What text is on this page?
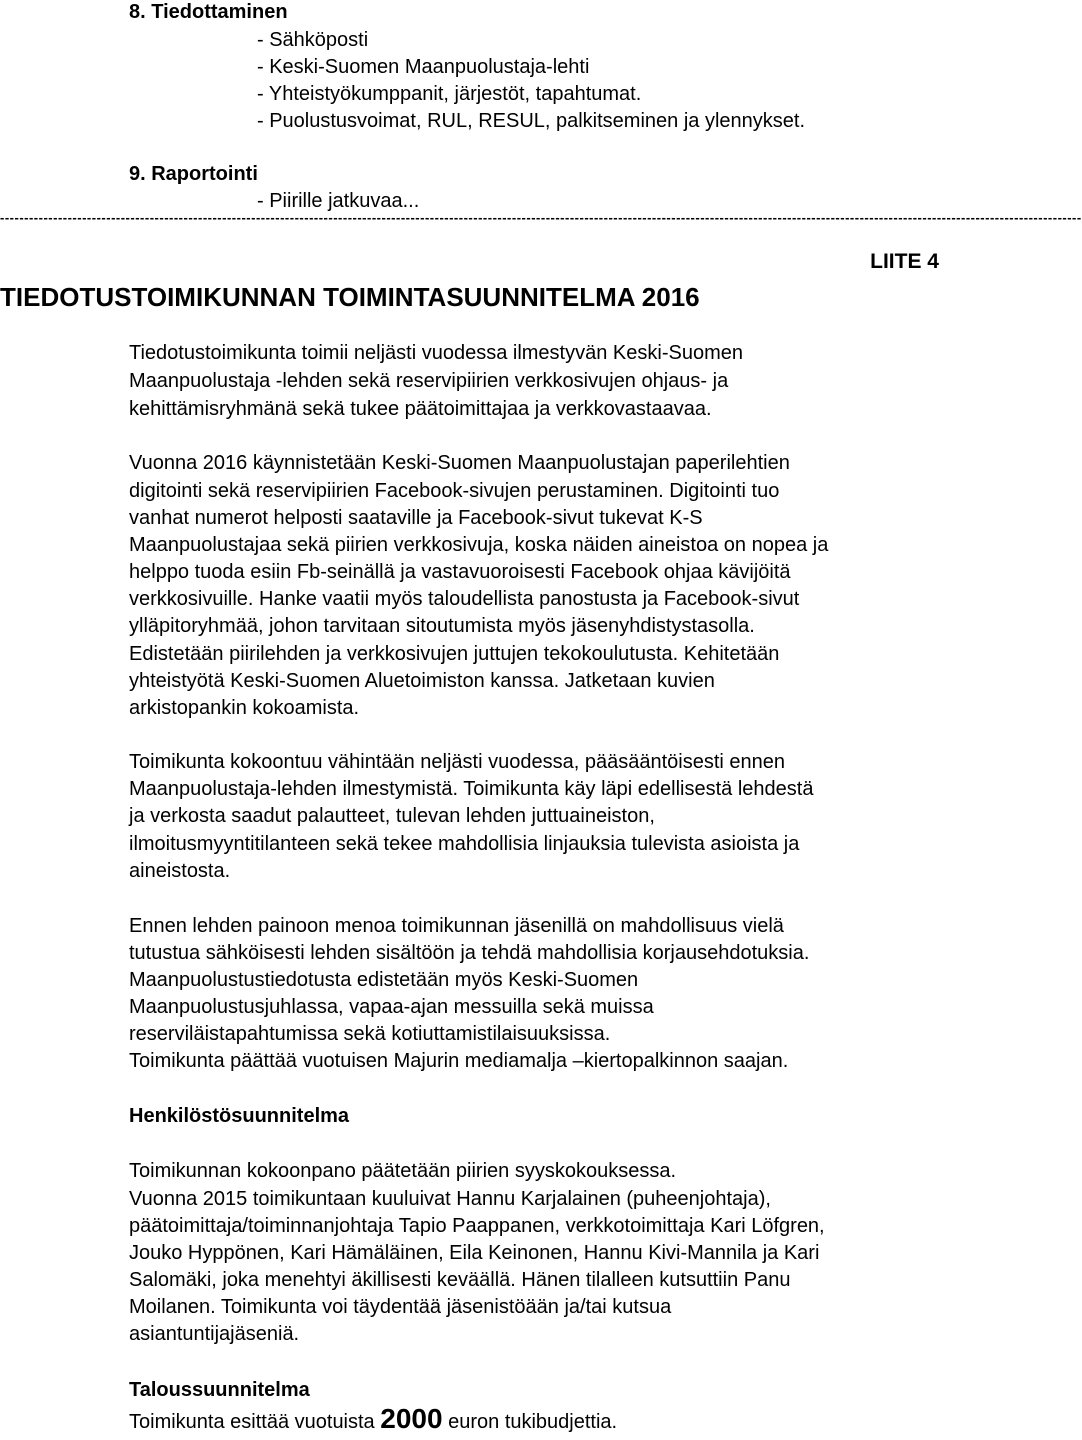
8. Tiedottaminen
- Sähköposti
- Keski-Suomen Maanpuolustaja-lehti
- Yhteistyökumppanit, järjestöt, tapahtumat.
- Puolustusvoimat, RUL, RESUL, palkitseminen ja ylennykset.
9. Raportointi
- Piirille jatkuvaa...
--------------------------------------------------------------------------------------------------------------------------------------------------------------------------------------------------------------------------------
LIITE 4
TIEDOTUSTOIMIKUNNAN TOIMINTASUUNNITELMA 2016
Tiedotustoimikunta toimii neljästi vuodessa ilmestyvän Keski-Suomen
Maanpuolustaja -lehden sekä reservipiirien verkkosivujen ohjaus- ja
kehittämisryhmänä sekä tukee päätoimittajaa ja verkkovastaavaa.
Vuonna 2016 käynnistetään Keski-Suomen Maanpuolustajan paperilehtien
digitointi sekä reservipiirien Facebook-sivujen perustaminen. Digitointi tuo
vanhat numerot helposti saataville ja Facebook-sivut tukevat K-S
Maanpuolustajaa sekä piirien verkkosivuja, koska näiden aineistoa on nopea ja
helppo tuoda esiin Fb-seinällä ja vastavuoroisesti Facebook ohjaa kävijöitä
verkkosivuille. Hanke vaatii myös taloudellista panostusta ja Facebook-sivut
ylläpitoryhmää, johon tarvitaan sitoutumista myös jäsenyhdistystasolla.
Edistetään piirilehden ja verkkosivujen juttujen tekokoulutusta. Kehitetään
yhteistyötä Keski-Suomen Aluetoimiston kanssa. Jatketaan kuvien
arkistopankin kokoamista.
Toimikunta kokoontuu vähintään neljästi vuodessa, pääsääntöisesti ennen
Maanpuolustaja-lehden ilmestymistä. Toimikunta käy läpi edellisestä lehdestä
ja verkosta saadut palautteet, tulevan lehden juttuaineiston,
ilmoitusmyyntitilanteen sekä tekee mahdollisia linjauksia tulevista asioista ja
aineistosta.
Ennen lehden painoon menoa toimikunnan jäsenillä on mahdollisuus vielä
tutustua sähköisesti lehden sisältöön ja tehdä mahdollisia korjausehdotuksia.
Maanpuolustustiedotusta edistetään myös Keski-Suomen
Maanpuolustusjuhlassa, vapaa-ajan messuilla sekä muissa
reserviläistapahtumissa sekä kotiuttamistilaisuuksissa.
Toimikunta päättää vuotuisen Majurin mediamalja –kiertopalkinnon saajan.
Henkilöstösuunnitelma
Toimikunnan kokoonpano päätetään piirien syyskokouksessa.
Vuonna 2015 toimikuntaan kuuluivat Hannu Karjalainen (puheenjohtaja),
päätoimittaja/toiminnanjohtaja Tapio Paappanen, verkkotoimittaja Kari Löfgren,
Jouko Hyppönen, Kari Hämäläinen, Eila Keinonen, Hannu Kivi-Mannila ja Kari
Salomäki, joka menehtyi äkillisesti keväällä. Hänen tilalleen kutsuttiin Panu
Moilanen. Toimikunta voi täydentää jäsenistöään ja/tai kutsua
asiantuntijajäseniä.
Taloussuunnitelma
Toimikunta esittää vuotuista 2000 euron tukibudjettia.
